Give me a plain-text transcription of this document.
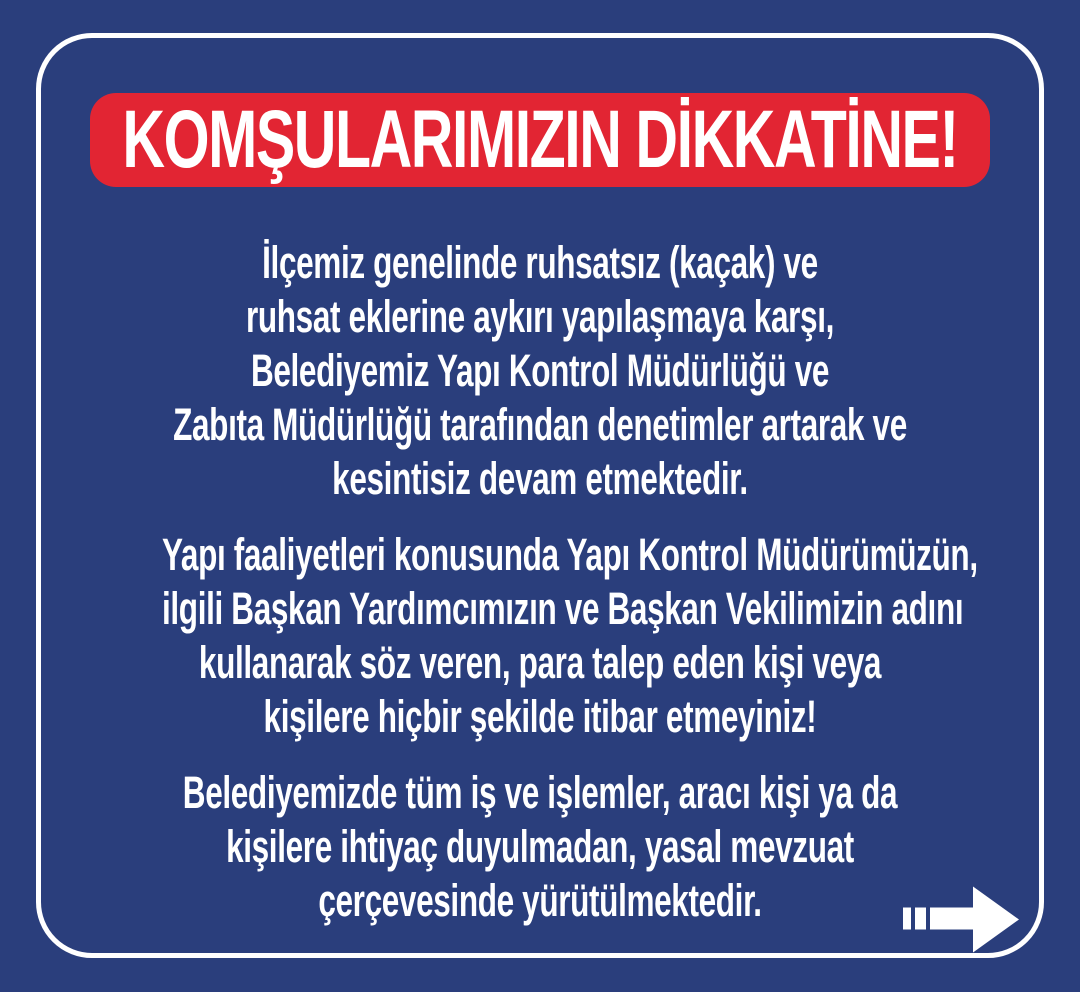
KOMŞULARIMIZIN DİKKATİNE!
İlçemiz genelinde ruhsatsız (kaçak) ve
ruhsat eklerine aykırı yapılaşmaya karşı,
Belediyemiz Yapı Kontrol Müdürlüğü ve
Zabıta Müdürlüğü tarafından denetimler artarak ve
kesintisiz devam etmektedir.
Yapı faaliyetleri konusunda Yapı Kontrol Müdürümüzün,
ilgili Başkan Yardımcımızın ve Başkan Vekilimizin adını
kullanarak söz veren, para talep eden kişi veya
kişilere hiçbir şekilde itibar etmeyiniz!
Belediyemizde tüm iş ve işlemler, aracı kişi ya da
kişilere ihtiyaç duyulmadan, yasal mevzuat
çerçevesinde yürütülmektedir.
